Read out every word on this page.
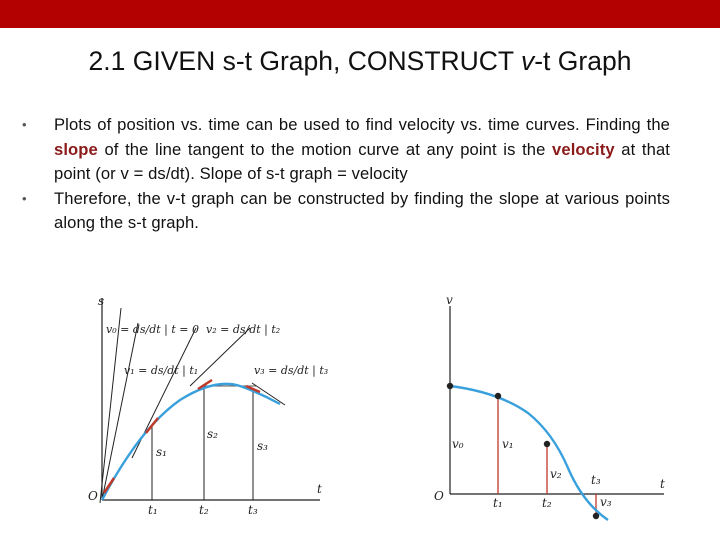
2.1 GIVEN s-t Graph, CONSTRUCT v-t Graph
• Plots of position vs. time can be used to find velocity vs. time curves. Finding the slope of the line tangent to the motion curve at any point is the velocity at that point (or v = ds/dt). Slope of s-t graph = velocity
• Therefore, the v-t graph can be constructed by finding the slope at various points along the s-t graph.
s
t
O
v₀ = ds/dt | t = 0 v₂ = ds/dt | t₂
v₁ = ds/dt | t₁	v₃ = ds/dt | t₃
s₁
s₂
s₃
t₁	t₂	t₃
v
t
O
v₀	v₁
v₂
v₃
t₁	t₂
t₃
